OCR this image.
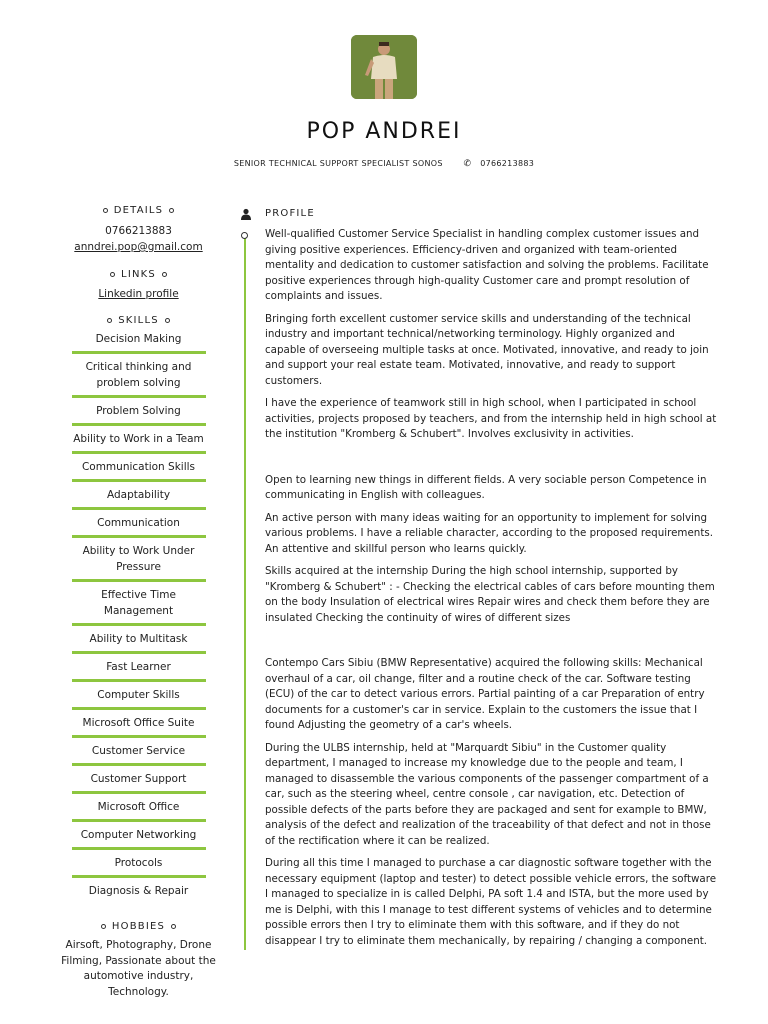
POP ANDREI
SENIOR TECHNICAL SUPPORT SPECIALIST SONOS ✆ 0766213883
DETAILS
0766213883
anndrei.pop@gmail.com
LINKS
Linkedin profile
SKILLS
Decision Making
Critical thinking and problem solving
Problem Solving
Ability to Work in a Team
Communication Skills
Adaptability
Communication
Ability to Work Under Pressure
Effective Time Management
Ability to Multitask
Fast Learner
Computer Skills
Microsoft Office Suite
Customer Service
Customer Support
Microsoft Office
Computer Networking
Protocols
Diagnosis & Repair
HOBBIES
Airsoft, Photography, Drone Filming, Passionate about the automotive industry, Technology.
PROFILE

Well-qualified Customer Service Specialist in handling complex customer issues and giving positive experiences. Efficiency-driven and organized with team-oriented mentality and dedication to customer satisfaction and solving the problems. Facilitate positive experiences through high-quality Customer care and prompt resolution of complaints and issues.

Bringing forth excellent customer service skills and understanding of the technical industry and important technical/networking terminology. Highly organized and capable of overseeing multiple tasks at once. Motivated, innovative, and ready to join and support your real estate team. Motivated, innovative, and ready to support customers.

I have the experience of teamwork still in high school, when I participated in school activities, projects proposed by teachers, and from the internship held in high school at the institution "Kromberg & Schubert". Involves exclusivity in activities.

Open to learning new things in different fields. A very sociable person Competence in communicating in English with colleagues.

An active person with many ideas waiting for an opportunity to implement for solving various problems. I have a reliable character, according to the proposed requirements. An attentive and skillful person who learns quickly.

Skills acquired at the internship During the high school internship, supported by "Kromberg & Schubert" : - Checking the electrical cables of cars before mounting them on the body Insulation of electrical wires Repair wires and check them before they are insulated Checking the continuity of wires of different sizes

Contempo Cars Sibiu (BMW Representative) acquired the following skills: Mechanical overhaul of a car, oil change, filter and a routine check of the car. Software testing (ECU) of the car to detect various errors. Partial painting of a car Preparation of entry documents for a customer's car in service. Explain to the customers the issue that I found Adjusting the geometry of a car's wheels.

During the ULBS internship, held at "Marquardt Sibiu" in the Customer quality department, I managed to increase my knowledge due to the people and team, I managed to disassemble the various components of the passenger compartment of a car, such as the steering wheel, centre console , car navigation, etc. Detection of possible defects of the parts before they are packaged and sent for example to BMW, analysis of the defect and realization of the traceability of that defect and not in those of the rectification where it can be realized.

During all this time I managed to purchase a car diagnostic software together with the necessary equipment (laptop and tester) to detect possible vehicle errors, the software I managed to specialize in is called Delphi, PA soft 1.4 and ISTA, but the more used by me is Delphi, with this I manage to test different systems of vehicles and to determine possible errors then I try to eliminate them with this software, and if they do not disappear I try to eliminate them mechanically, by repairing / changing a component.
